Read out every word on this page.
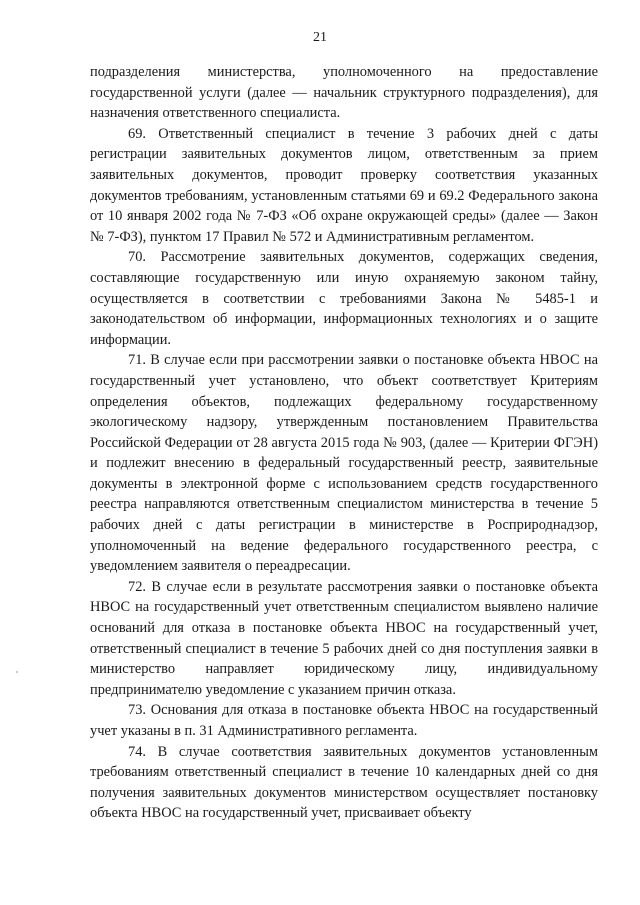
21

подразделения министерства, уполномоченного на предоставление государственной услуги (далее — начальник структурного подразделения), для назначения ответственного специалиста.

69. Ответственный специалист в течение 3 рабочих дней с даты регистрации заявительных документов лицом, ответственным за прием заявительных документов, проводит проверку соответствия указанных документов требованиям, установленным статьями 69 и 69.2 Федерального закона от 10 января 2002 года № 7-ФЗ «Об охране окружающей среды» (далее — Закон № 7-ФЗ), пунктом 17 Правил № 572 и Административным регламентом.

70. Рассмотрение заявительных документов, содержащих сведения, составляющие государственную или иную охраняемую законом тайну, осуществляется в соответствии с требованиями Закона № 5485-1 и законодательством об информации, информационных технологиях и о защите информации.

71. В случае если при рассмотрении заявки о постановке объекта НВОС на государственный учет установлено, что объект соответствует Критериям определения объектов, подлежащих федеральному государственному экологическому надзору, утвержденным постановлением Правительства Российской Федерации от 28 августа 2015 года № 903, (далее — Критерии ФГЭН) и подлежит внесению в федеральный государственный реестр, заявительные документы в электронной форме с использованием средств государственного реестра направляются ответственным специалистом министерства в течение 5 рабочих дней с даты регистрации в министерстве в Росприроднадзор, уполномоченный на ведение федерального государственного реестра, с уведомлением заявителя о переадресации.

72. В случае если в результате рассмотрения заявки о постановке объекта НВОС на государственный учет ответственным специалистом выявлено наличие оснований для отказа в постановке объекта НВОС на государственный учет, ответственный специалист в течение 5 рабочих дней со дня поступления заявки в министерство направляет юридическому лицу, индивидуальному предпринимателю уведомление с указанием причин отказа.

73. Основания для отказа в постановке объекта НВОС на государственный учет указаны в п. 31 Административного регламента.

74. В случае соответствия заявительных документов установленным требованиям ответственный специалист в течение 10 календарных дней со дня получения заявительных документов министерством осуществляет постановку объекта НВОС на государственный учет, присваивает объекту
